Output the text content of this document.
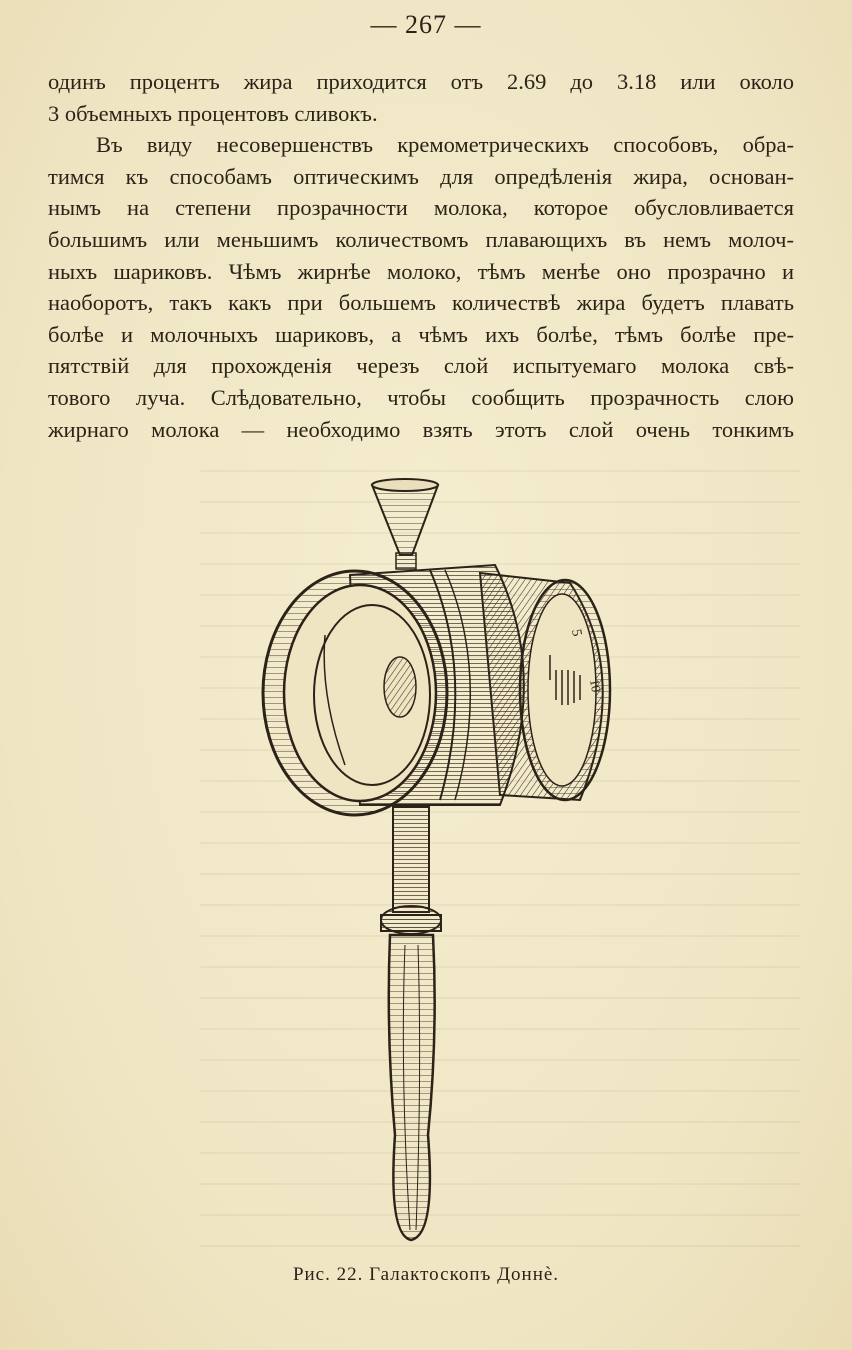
— 267 —
одинъ процентъ жира приходится отъ 2.69 до 3.18 или около
3 объемныхъ процентовъ сливокъ.
Въ виду несовершенствъ кремометрическихъ способовъ, обра-
тимся къ способамъ оптическимъ для опредѣленія жира, основан-
нымъ на степени прозрачности молока, которое обусловливается
большимъ или меньшимъ количествомъ плавающихъ въ немъ молоч-
ныхъ шариковъ. Чѣмъ жирнѣе молоко, тѣмъ менѣе оно прозрачно и
наоборотъ, такъ какъ при большемъ количествѣ жира будетъ плавать
болѣе и молочныхъ шариковъ, а чѣмъ ихъ болѣе, тѣмъ болѣе пре-
пятствій для прохожденія черезъ слой испытуемаго молока свѣ-
тового луча. Слѣдовательно, чтобы сообщить прозрачность слою
жирнаго молока — необходимо взять этотъ слой очень тонкимъ
5
10
Рис. 22. Галактоскопъ Доннѐ.
